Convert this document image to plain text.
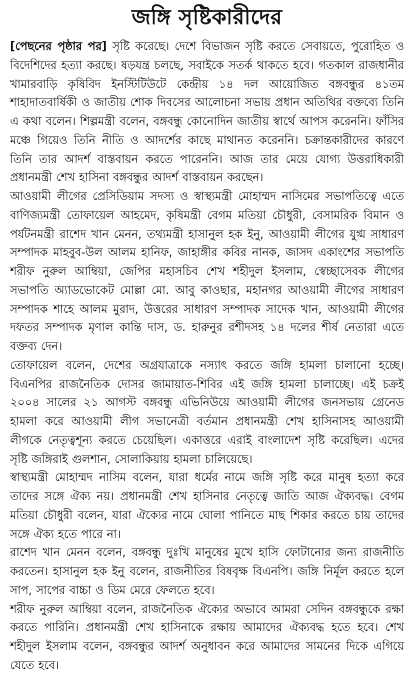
জঙ্গি সৃষ্টিকারীদের

[পেছনের পৃষ্ঠার পর] সৃষ্টি করেছে। দেশে বিভাজন সৃষ্টি করতে সেবায়তে, পুরোহিত ও বিদেশিদের হত্যা করছে। ষড়যন্ত্র চলছে, সবাইকে সতর্ক থাকতে হবে। গতকাল রাজধানীর খামারবাড়ি কৃষিবিদ ইনস্টিটিউটে কেন্দ্রীয় ১৪ দল আয়োজিত বঙ্গবন্ধুর ৪১তম শাহাদাতবার্ষিকী ও জাতীয় শোক দিবসের আলোচনা সভায় প্রধান অতিথির বক্তব্যে তিনি এ কথা বলেন। শিল্পমন্ত্রী বলেন, বঙ্গবন্ধু কোনোদিন জাতীয় স্বার্থে আপস করেননি। ফাঁসির মঞ্চে গিয়েও তিনি নীতি ও আদর্শের কাছে মাথানত করেননি। চক্রান্তকারীদের কারণে তিনি তার আদর্শ বাস্তবায়ন করতে পারেননি। আজ তার মেয়ে যোগ্য উত্তরাধিকারী প্রধানমন্ত্রী শেখ হাসিনা বঙ্গবন্ধুর আদর্শ বাস্তবায়ন করছেন।

আওয়ামী লীগের প্রেসিডিয়াম সদস্য ও স্বাস্থ্যমন্ত্রী মোহাম্মদ নাসিমের সভাপতিত্বে এতে বাণিজ্যমন্ত্রী তোফায়েল আহমেদ, কৃষিমন্ত্রী বেগম মতিয়া চৌধুরী, বেসামরিক বিমান ও পর্যটনমন্ত্রী রাশেদ খান মেনন, তথ্যমন্ত্রী হাসানুল হক ইনু, আওয়ামী লীগের যুগ্ম সাধারণ সম্পাদক মাহবুব-উল আলম হানিফ, জাহাঙ্গীর কবির নানক, জাসদ একাংশের সভাপতি শরীফ নুরুল আম্বিয়া, জেপির মহাসচিব শেখ শহীদুল ইসলাম, স্বেচ্ছাসেবক লীগের সভাপতি অ্যাডভোকেট মোল্লা মো. আবু কাওছার, মহানগর আওয়ামী লীগের সাধারণ সম্পাদক শাহে আলম মুরাদ, উত্তরের সাধারণ সম্পাদক সাদেক খান, আওয়ামী লীগের দফতর সম্পাদক মৃণাল কান্তি দাস, ড. হারুনুর রশীদসহ ১৪ দলের শীর্ষ নেতারা এতে বক্তব্য দেন।

তোফায়েল বলেন, দেশের অগ্রযাত্রাকে নস্যাৎ করতে জঙ্গি হামলা চালানো হচ্ছে। বিএনপির রাজনৈতিক দোসর জামায়াত-শিবির এই জঙ্গি হামলা চালাচ্ছে। এই চক্রই ২০০৪ সালের ২১ আগস্ট বঙ্গবন্ধু এভিনিউয়ে আওয়ামী লীগের জনসভায় গ্রেনেড হামলা করে আওয়ামী লীগ সভানেত্রী বর্তমান প্রধানমন্ত্রী শেখ হাসিনাসহ আওয়ামী লীগকে নেতৃত্বশূন্য করতে চেয়েছিল। একাত্তরে এরাই বাংলাদেশ সৃষ্টি করেছিল। এদের সৃষ্টি জঙ্গিরাই গুলশান, সোলাকিয়ায় হামলা চালিয়েছে।

স্বাস্থ্যমন্ত্রী মোহাম্মদ নাসিম বলেন, যারা ধর্মের নামে জঙ্গি সৃষ্টি করে মানুষ হত্যা করে তাদের সঙ্গে ঐক্য নয়। প্রধানমন্ত্রী শেখ হাসিনার নেতৃত্বে জাতি আজ ঐক্যবদ্ধ। বেগম মতিয়া চৌধুরী বলেন, যারা ঐক্যের নামে ঘোলা পানিতে মাছ শিকার করতে চায় তাদের সঙ্গে ঐক্য হতে পারে না।

রাশেদ খান মেনন বলেন, বঙ্গবন্ধু দুঃখি মানুষের মুখে হাসি ফোটানোর জন্য রাজনীতি করতেন। হাসানুল হক ইনু বলেন, রাজনীতির বিষবৃক্ষ বিএনপি। জঙ্গি নির্মূল করতে হলে সাপ, সাপের বাচ্চা ও ডিম মেরে ফেলতে হবে।

শরীফ নুরুল আম্বিয়া বলেন, রাজনৈতিক ঐক্যের অভাবে আমরা সেদিন বঙ্গবন্ধুকে রক্ষা করতে পারিনি। প্রধানমন্ত্রী শেখ হাসিনাকে রক্ষায় আমাদের ঐক্যবদ্ধ হতে হবে। শেখ শহীদুল ইসলাম বলেন, বঙ্গবন্ধুর আদর্শ অনুধাবন করে আমাদের সামনের দিকে এগিয়ে যেতে হবে।
